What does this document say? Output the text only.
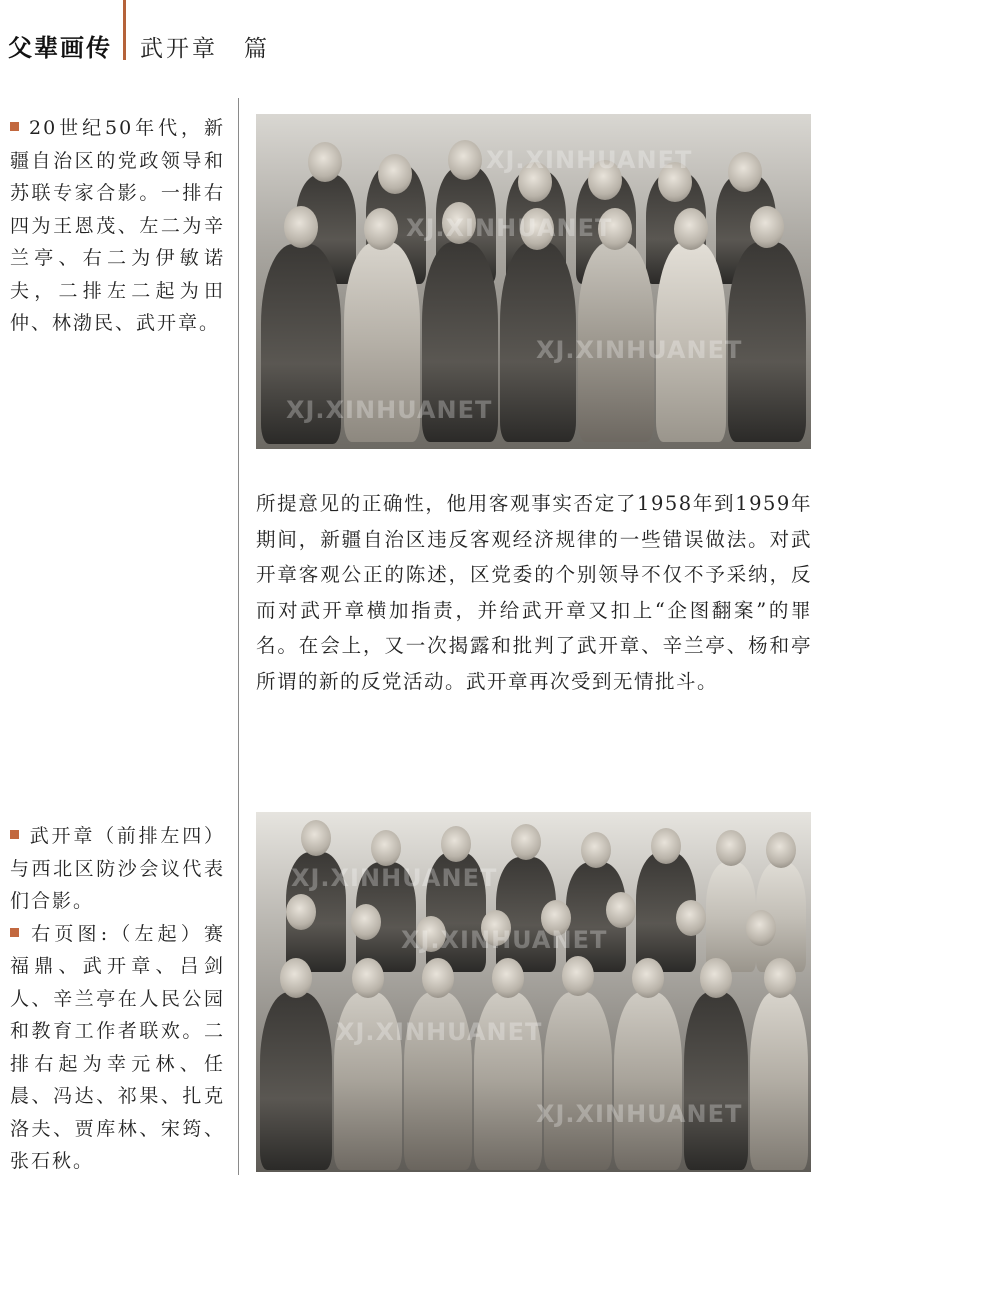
父辈画传 武开章　篇

20世纪50年代，新疆自治区的党政领导和苏联专家合影。一排右四为王恩茂、左二为辛兰亭、右二为伊敏诺夫，二排左二起为田仲、林渤民、武开章。

XJ.XINHUANET
XJ.XINHUANET
XJ.XINHUANET
XJ.XINHUANET

所提意见的正确性，他用客观事实否定了1958年到1959年期间，新疆自治区违反客观经济规律的一些错误做法。对武开章客观公正的陈述，区党委的个别领导不仅不予采纳，反而对武开章横加指责，并给武开章又扣上“企图翻案”的罪名。在会上，又一次揭露和批判了武开章、辛兰亭、杨和亭所谓的新的反党活动。武开章再次受到无情批斗。

武开章（前排左四）与西北区防沙会议代表们合影。

右页图:（左起）赛福鼎、武开章、吕剑人、辛兰亭在人民公园和教育工作者联欢。二排右起为幸元林、任晨、冯达、祁果、扎克洛夫、贾库林、宋筠、张石秋。

XJ.XINHUANET
XJ.XINHUANET
XJ.XINHUANET
XJ.XINHUANET
